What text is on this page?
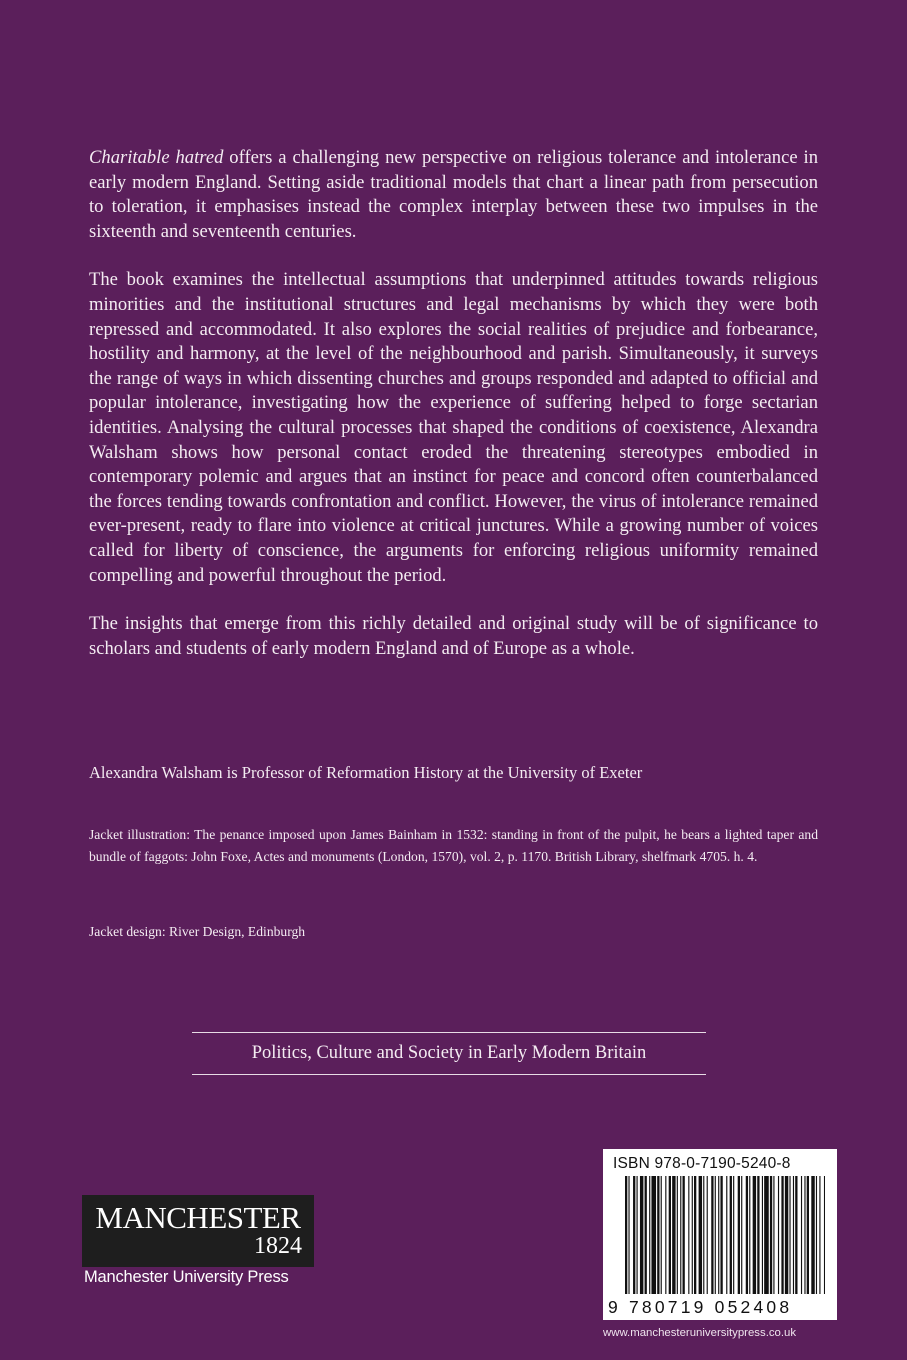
Charitable hatred offers a challenging new perspective on religious tolerance and intolerance in early modern England. Setting aside traditional models that chart a linear path from persecution to toleration, it emphasises instead the complex interplay between these two impulses in the sixteenth and seventeenth centuries.

The book examines the intellectual assumptions that underpinned attitudes towards religious minorities and the institutional structures and legal mechanisms by which they were both repressed and accommodated. It also explores the social realities of prejudice and forbearance, hostility and harmony, at the level of the neighbourhood and parish. Simultaneously, it surveys the range of ways in which dissenting churches and groups responded and adapted to official and popular intolerance, investigating how the experience of suffering helped to forge sectarian identities. Analysing the cultural processes that shaped the conditions of coexistence, Alexandra Walsham shows how personal contact eroded the threatening stereotypes embodied in contemporary polemic and argues that an instinct for peace and concord often counterbalanced the forces tending towards confrontation and conflict. However, the virus of intolerance remained ever-present, ready to flare into violence at critical junctures. While a growing number of voices called for liberty of conscience, the arguments for enforcing religious uniformity remained compelling and powerful throughout the period.

The insights that emerge from this richly detailed and original study will be of significance to scholars and students of early modern England and of Europe as a whole.

Alexandra Walsham is Professor of Reformation History at the University of Exeter
Jacket illustration: The penance imposed upon James Bainham in 1532: standing in front of the pulpit, he bears a lighted taper and bundle of faggots: John Foxe, Actes and monuments (London, 1570), vol. 2, p. 1170. British Library, shelfmark 4705. h. 4.
Jacket design: River Design, Edinburgh
Politics, Culture and Society in Early Modern Britain
MANCHESTER
1824
Manchester University Press
ISBN 978-0-7190-5240-8
9 780719 052408
www.manchesteruniversitypress.co.uk
